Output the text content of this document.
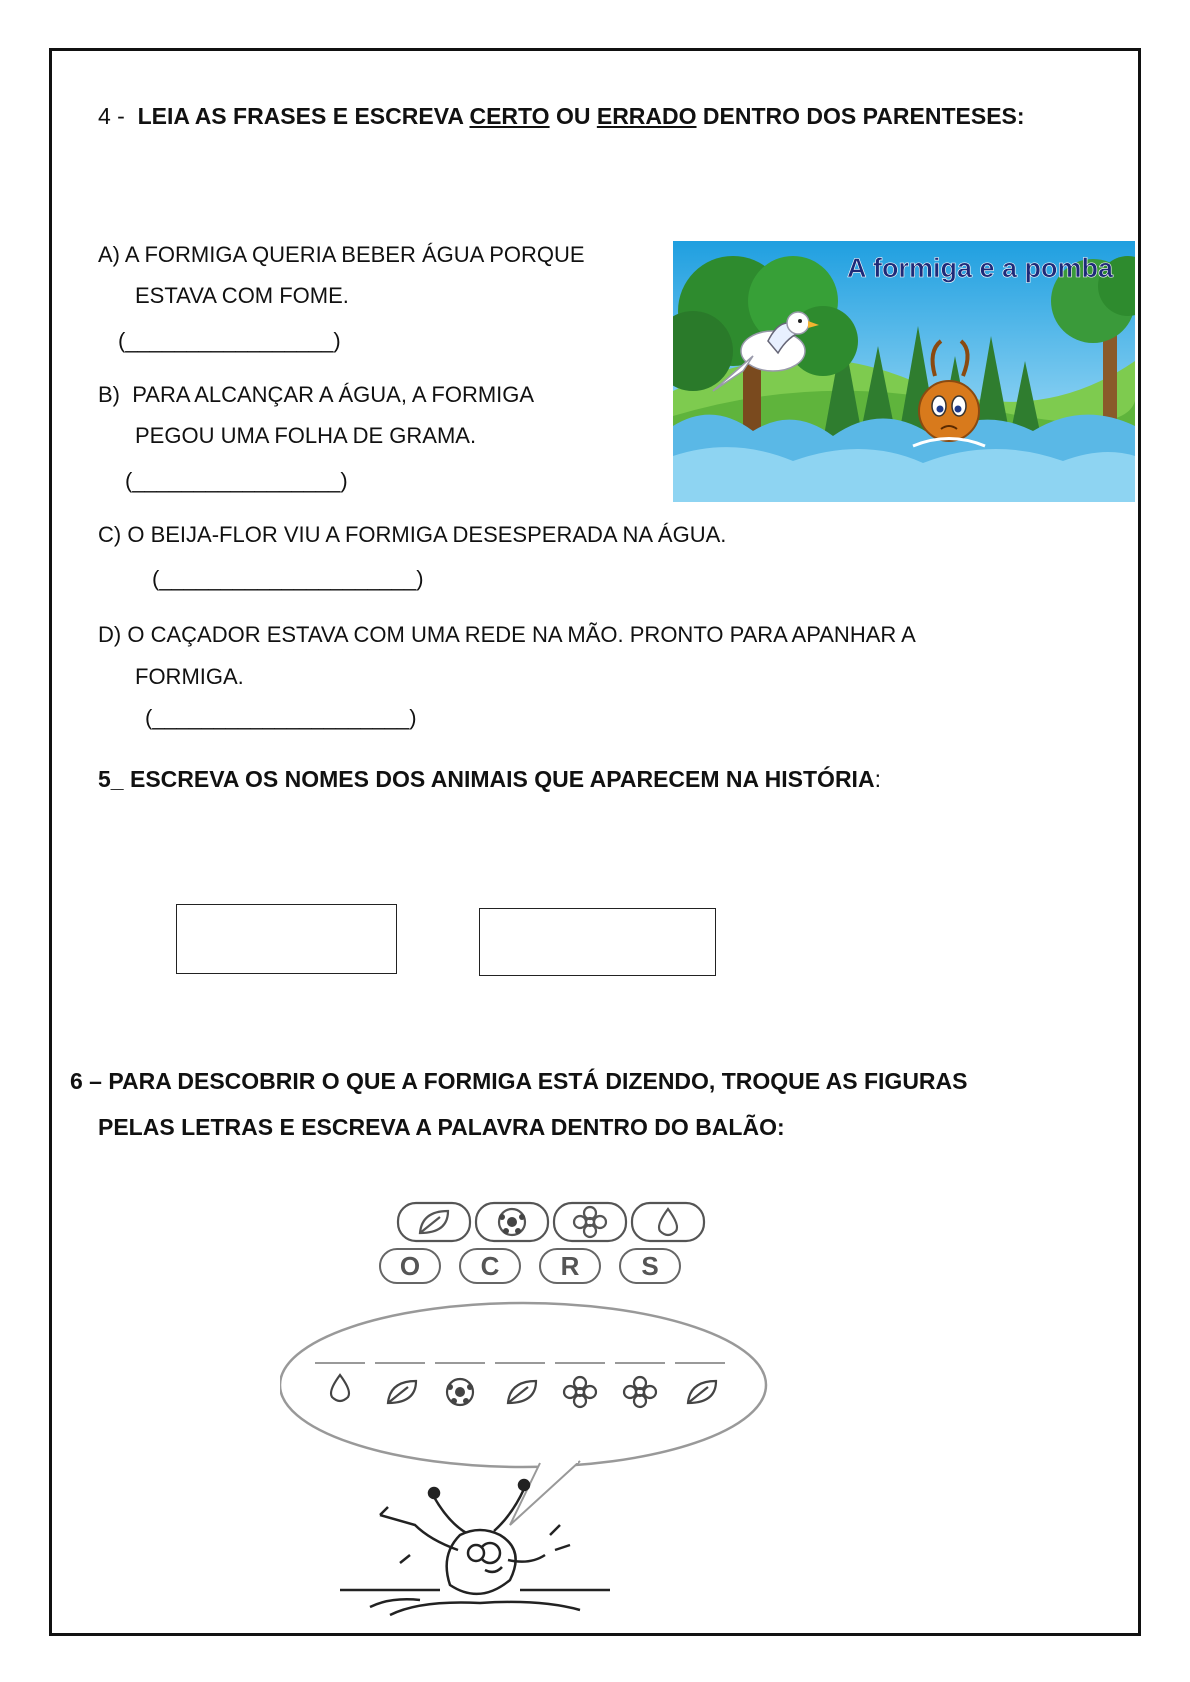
4 - LEIA AS FRASES E ESCREVA CERTO OU ERRADO DENTRO DOS PARENTESES:
A) A FORMIGA QUERIA BEBER ÁGUA PORQUE
ESTAVA COM FOME.
(_________________)
B) PARA ALCANÇAR A ÁGUA, A FORMIGA
PEGOU UMA FOLHA DE GRAMA.
(_________________)
C) O BEIJA-FLOR VIU A FORMIGA DESESPERADA NA ÁGUA.
(_____________________)
D) O CAÇADOR ESTAVA COM UMA REDE NA MÃO. PRONTO PARA APANHAR A
FORMIGA.
(_____________________)
A formiga e a pomba
5_ ESCREVA OS NOMES DOS ANIMAIS QUE APARECEM NA HISTÓRIA:
6 – PARA DESCOBRIR O QUE A FORMIGA ESTÁ DIZENDO, TROQUE AS FIGURAS
PELAS LETRAS E ESCREVA A PALAVRA DENTRO DO BALÃO:
O C R S
